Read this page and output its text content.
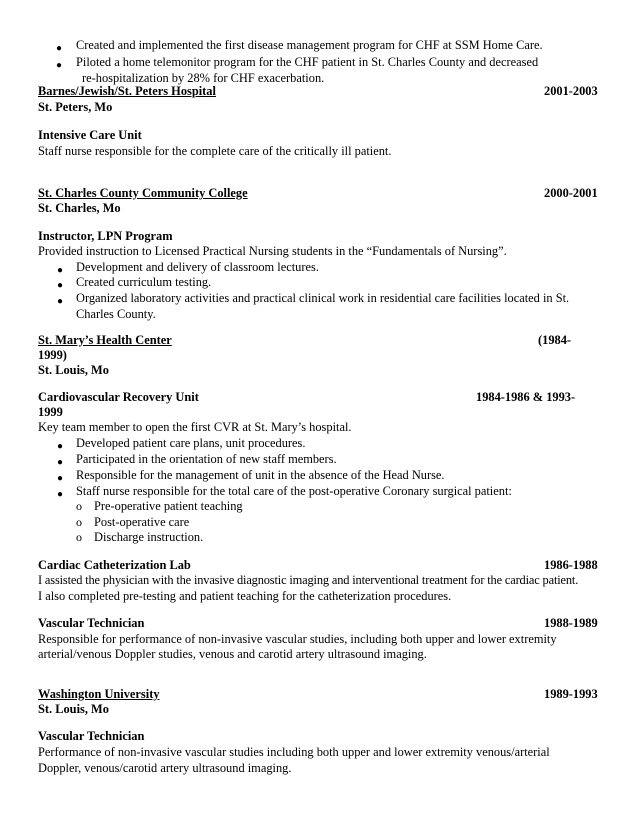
● Created and implemented the first disease management program for CHF at SSM Home Care.
● Piloted a home telemonitor program for the CHF patient in St. Charles County and decreased
re-hospitalization by 28% for CHF exacerbation.
Barnes/Jewish/St. Peters Hospital	2001-2003
St. Peters, Mo
Intensive Care Unit
Staff nurse responsible for the complete care of the critically ill patient.
St. Charles County Community College	2000-2001
St. Charles, Mo
Instructor, LPN Program
Provided instruction to Licensed Practical Nursing students in the “Fundamentals of Nursing”.
● Development and delivery of classroom lectures.
● Created curriculum testing.
● Organized laboratory activities and practical clinical work in residential care facilities located in St.
Charles County.
St. Mary’s Health Center	(1984-
1999)
St. Louis, Mo
Cardiovascular Recovery Unit	1984-1986 & 1993-
1999
Key team member to open the first CVR at St. Mary’s hospital.
● Developed patient care plans, unit procedures.
● Participated in the orientation of new staff members.
● Responsible for the management of unit in the absence of the Head Nurse.
● Staff nurse responsible for the total care of the post-operative Coronary surgical patient:
o Pre-operative patient teaching
o Post-operative care
o Discharge instruction.
Cardiac Catheterization Lab	1986-1988
I assisted the physician with the invasive diagnostic imaging and interventional treatment for the cardiac patient.
I also completed pre-testing and patient teaching for the catheterization procedures.
Vascular Technician	1988-1989
Responsible for performance of non-invasive vascular studies, including both upper and lower extremity
arterial/venous Doppler studies, venous and carotid artery ultrasound imaging.
Washington University	1989-1993
St. Louis, Mo
Vascular Technician
Performance of non-invasive vascular studies including both upper and lower extremity venous/arterial
Doppler, venous/carotid artery ultrasound imaging.
